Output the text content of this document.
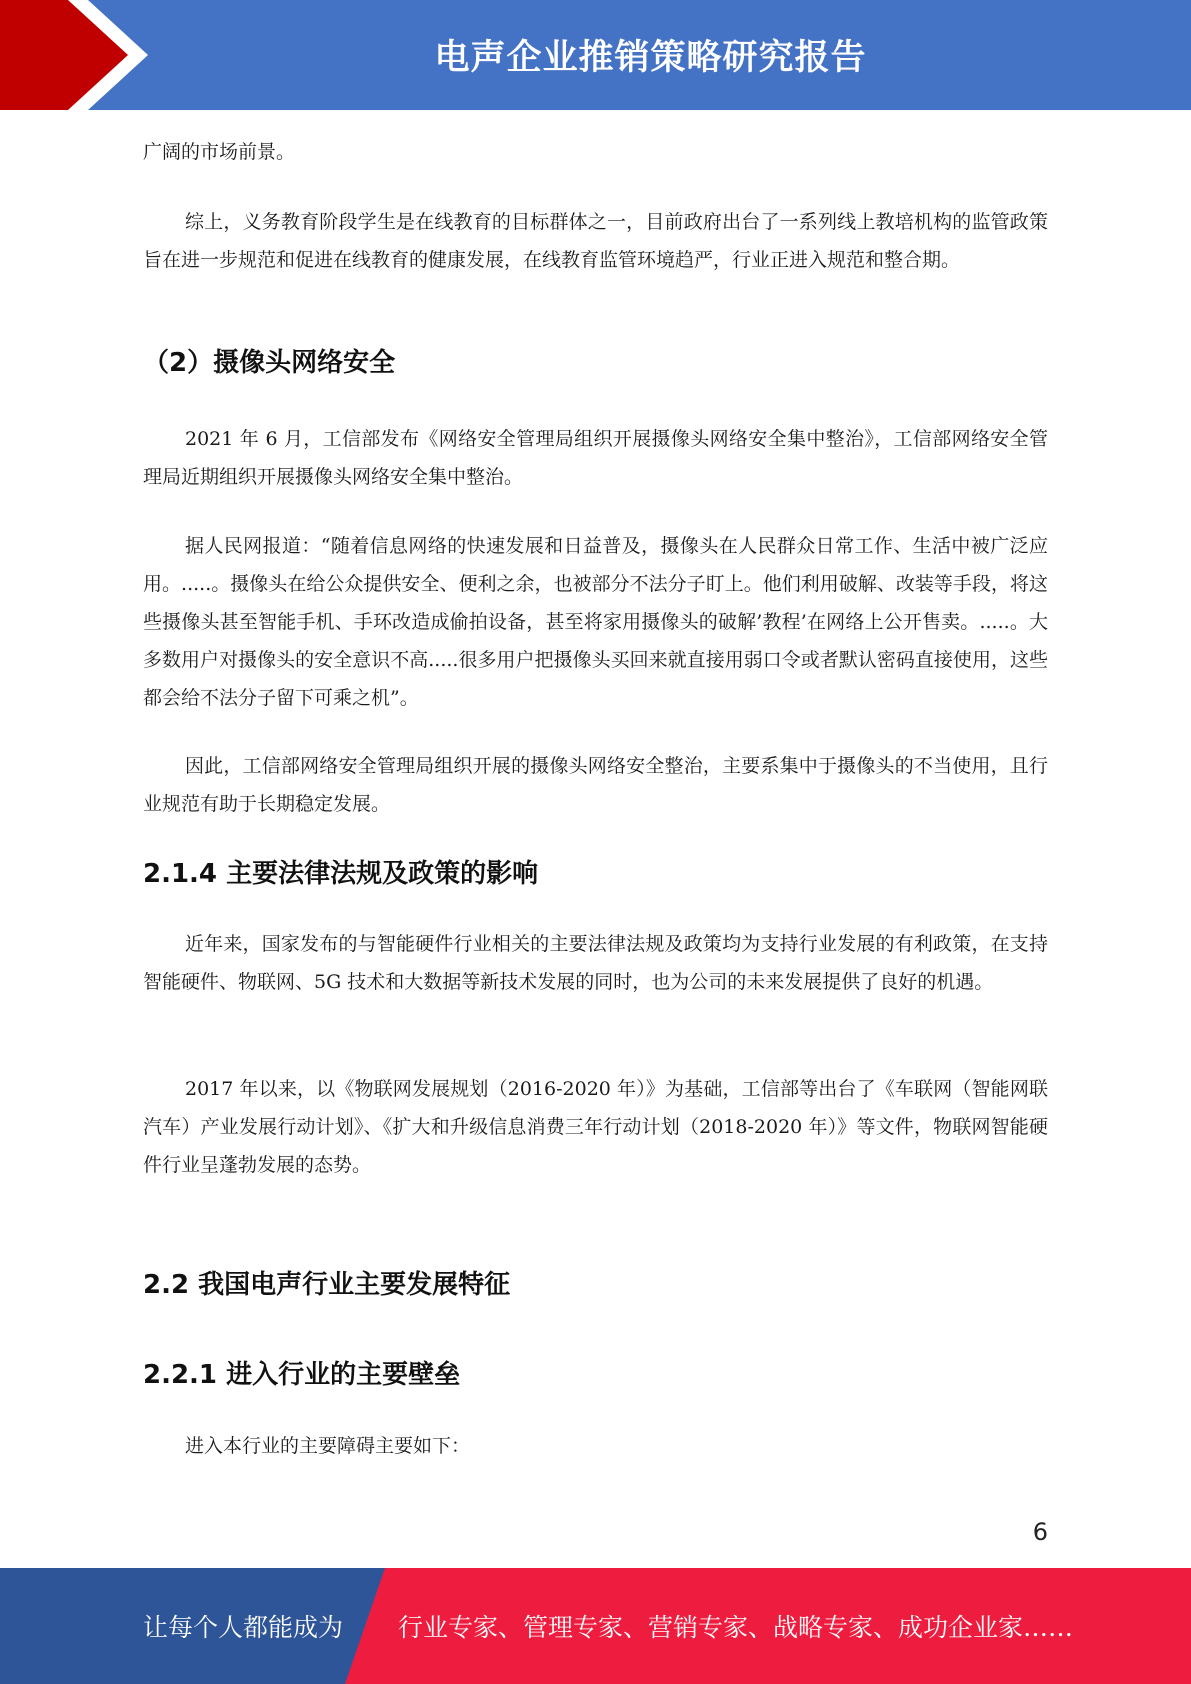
电声企业推销策略研究报告

广阔的市场前景。

综上，义务教育阶段学生是在线教育的目标群体之一，目前政府出台了一系列线上教培机构的监管政策旨在进一步规范和促进在线教育的健康发展，在线教育监管环境趋严，行业正进入规范和整合期。

（2）摄像头网络安全

2021 年 6 月，工信部发布《网络安全管理局组织开展摄像头网络安全集中整治》，工信部网络安全管理局近期组织开展摄像头网络安全集中整治。

据人民网报道：“随着信息网络的快速发展和日益普及，摄像头在人民群众日常工作、生活中被广泛应用。.....。摄像头在给公众提供安全、便利之余，也被部分不法分子盯上。他们利用破解、改装等手段，将这些摄像头甚至智能手机、手环改造成偷拍设备，甚至将家用摄像头的破解’教程’在网络上公开售卖。.....。大多数用户对摄像头的安全意识不高.....很多用户把摄像头买回来就直接用弱口令或者默认密码直接使用，这些都会给不法分子留下可乘之机”。

因此，工信部网络安全管理局组织开展的摄像头网络安全整治，主要系集中于摄像头的不当使用，且行业规范有助于长期稳定发展。

2.1.4 主要法律法规及政策的影响

近年来，国家发布的与智能硬件行业相关的主要法律法规及政策均为支持行业发展的有利政策，在支持智能硬件、物联网、5G 技术和大数据等新技术发展的同时，也为公司的未来发展提供了良好的机遇。

2017 年以来，以《物联网发展规划（2016-2020 年）》为基础，工信部等出台了《车联网（智能网联汽车）产业发展行动计划》、《扩大和升级信息消费三年行动计划（2018-2020 年）》等文件，物联网智能硬件行业呈蓬勃发展的态势。

2.2 我国电声行业主要发展特征
2.2.1 进入行业的主要壁垒

进入本行业的主要障碍主要如下：

6
让每个人都能成为 行业专家、管理专家、营销专家、战略专家、成功企业家……
